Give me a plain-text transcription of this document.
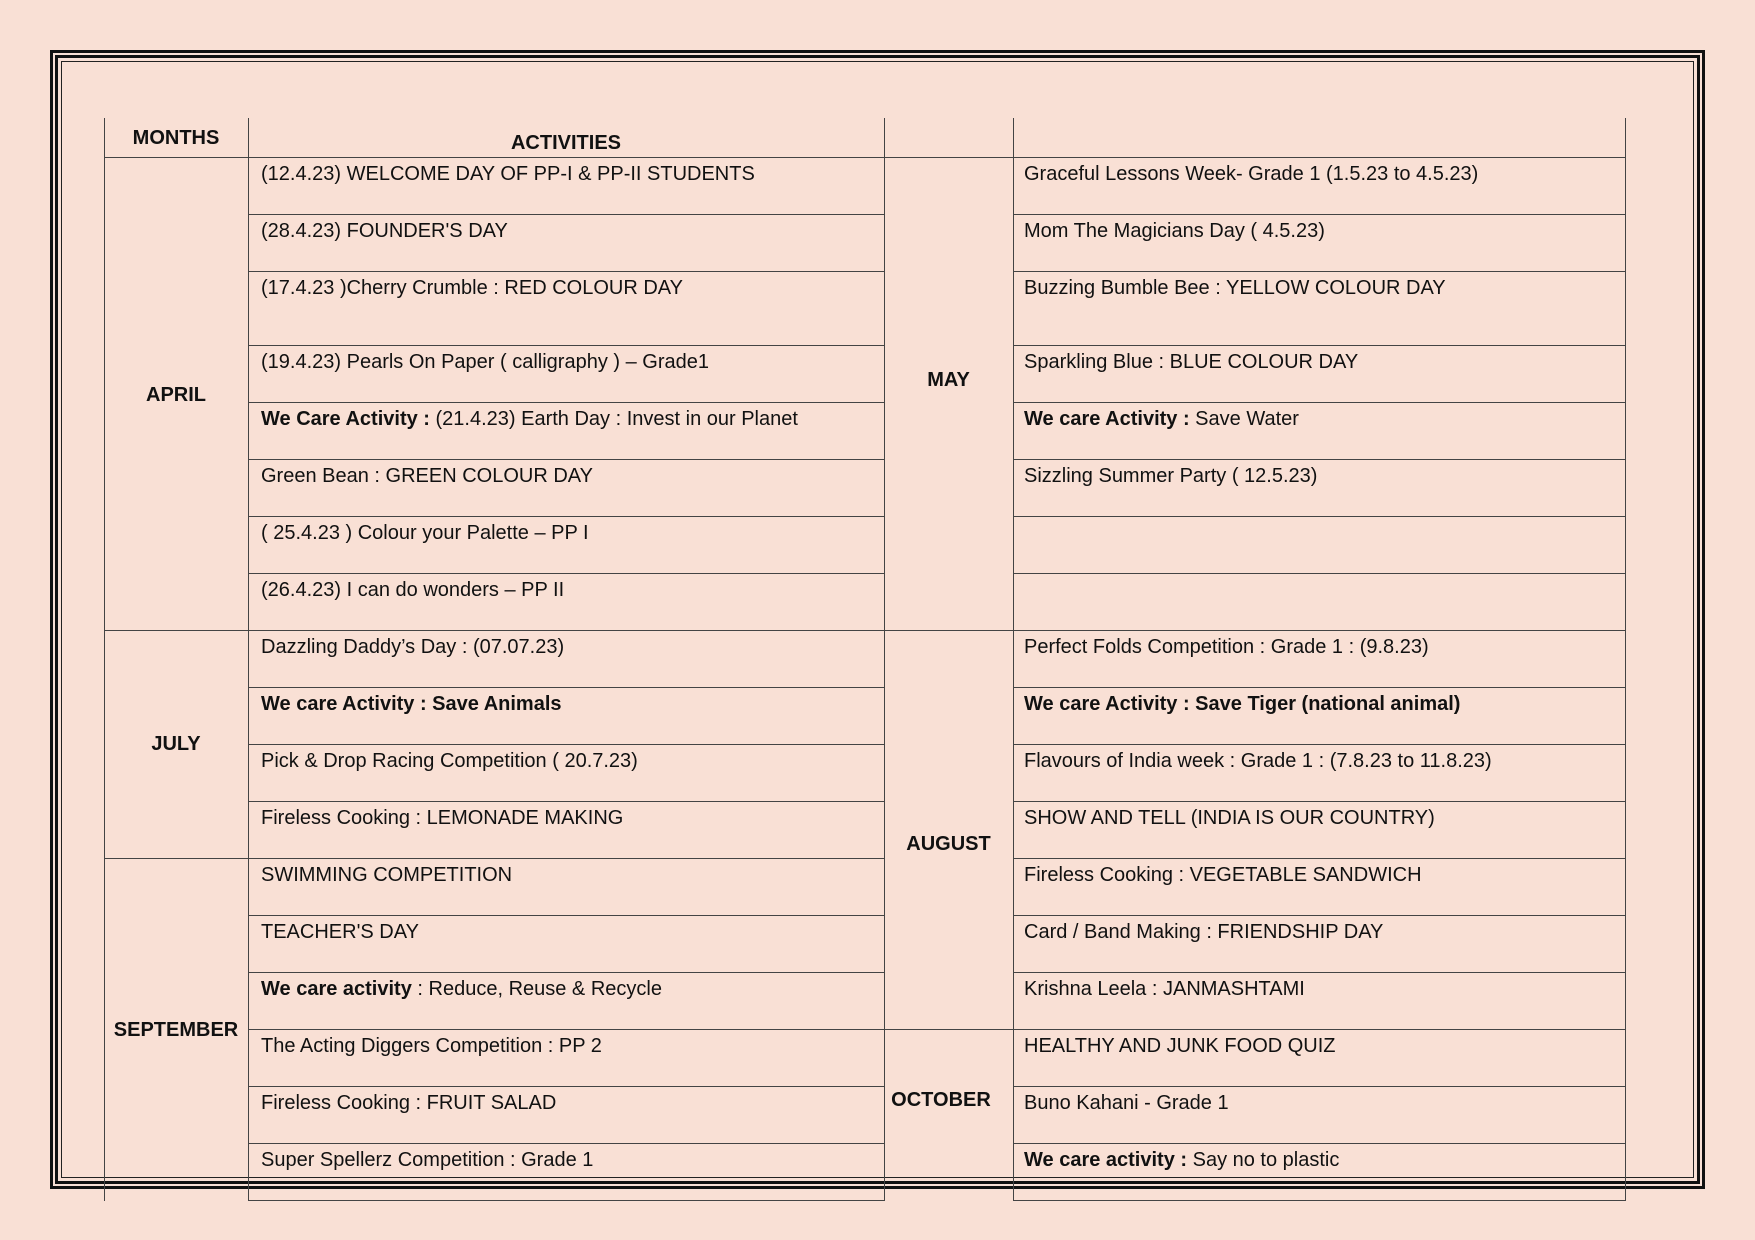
MONTHS	ACTIVITIES
(12.4.23) WELCOME DAY OF PP-I & PP-II STUDENTS
(28.4.23) FOUNDER'S DAY
(17.4.23 )Cherry Crumble : RED COLOUR DAY
(19.4.23) Pearls On Paper ( calligraphy ) – Grade1
We Care Activity : (21.4.23) Earth Day : Invest in our Planet
Green Bean : GREEN COLOUR DAY
( 25.4.23 ) Colour your Palette – PP I
(26.4.23) I can do wonders – PP II
Dazzling Daddy’s Day : (07.07.23)
We care Activity : Save Animals
Pick & Drop Racing Competition ( 20.7.23)
Fireless Cooking : LEMONADE MAKING
SWIMMING COMPETITION
TEACHER'S DAY
We care activity : Reduce, Reuse & Recycle
The Acting Diggers Competition : PP 2
Fireless Cooking : FRUIT SALAD
Super Spellerz Competition : Grade 1
Graceful Lessons Week- Grade 1 (1.5.23 to 4.5.23)
Mom The Magicians Day ( 4.5.23)
Buzzing Bumble Bee : YELLOW COLOUR DAY
Sparkling Blue : BLUE COLOUR DAY
We care Activity : Save Water
Sizzling Summer Party ( 12.5.23)
Perfect Folds Competition : Grade 1 : (9.8.23)
We care Activity : Save Tiger (national animal)
Flavours of India week : Grade 1 : (7.8.23 to 11.8.23)
SHOW AND TELL (INDIA IS OUR COUNTRY)
Fireless Cooking : VEGETABLE SANDWICH
Card / Band Making : FRIENDSHIP DAY
Krishna Leela : JANMASHTAMI
HEALTHY AND JUNK FOOD QUIZ
Buno Kahani - Grade 1
We care activity : Say no to plastic
APRIL
MAY
JULY
AUGUST
SEPTEMBER
OCTOBER
